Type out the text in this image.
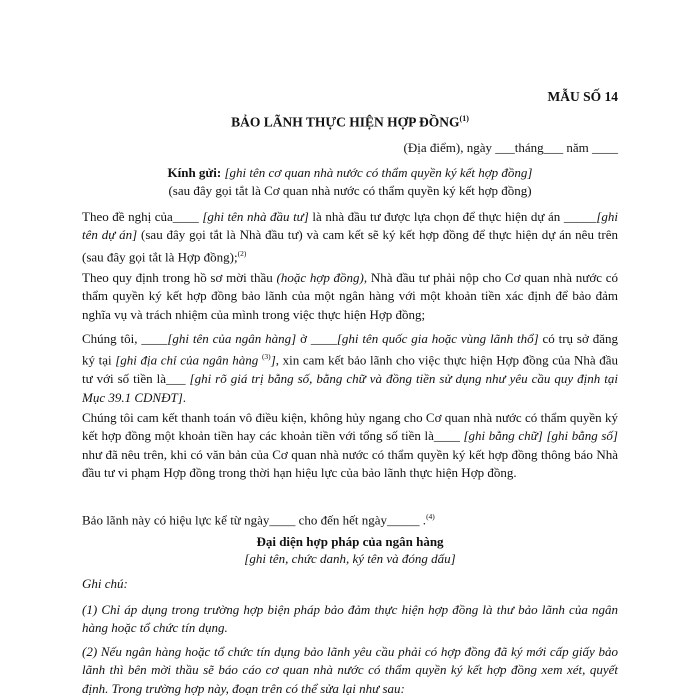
MẪU SỐ 14
BẢO LÃNH THỰC HIỆN HỢP ĐỒNG$^{(1)}$
(Địa điểm), ngày ___tháng___ năm ____
Kính gửi: [ghi tên cơ quan nhà nước có thẩm quyền ký kết hợp đồng]
(sau đây gọi tắt là Cơ quan nhà nước có thẩm quyền ký kết hợp đồng)

Theo đề nghị của____ [ghi tên nhà đầu tư] là nhà đầu tư được lựa chọn để thực hiện dự án _____[ghi tên dự án] (sau đây gọi tắt là Nhà đầu tư) và cam kết sẽ ký kết hợp đồng để thực hiện dự án nêu trên (sau đây gọi tắt là Hợp đồng);$^{(2)}$

Theo quy định trong hồ sơ mời thầu (hoặc hợp đồng), Nhà đầu tư phải nộp cho Cơ quan nhà nước có thẩm quyền ký kết hợp đồng bảo lãnh của một ngân hàng với một khoản tiền xác định để bảo đảm nghĩa vụ và trách nhiệm của mình trong việc thực hiện Hợp đồng;

Chúng tôi, ____[ghi tên của ngân hàng] ở ____[ghi tên quốc gia hoặc vùng lãnh thổ] có trụ sở đăng ký tại [ghi địa chỉ của ngân hàng $^{(3)}$], xin cam kết bảo lãnh cho việc thực hiện Hợp đồng của Nhà đầu tư với số tiền là___ [ghi rõ giá trị bằng số, bằng chữ và đồng tiền sử dụng như yêu cầu quy định tại Mục 39.1 CDNĐT].

Chúng tôi cam kết thanh toán vô điều kiện, không hủy ngang cho Cơ quan nhà nước có thẩm quyền ký kết hợp đồng một khoản tiền hay các khoản tiền với tổng số tiền là____ [ghi bằng chữ] [ghi bằng số] như đã nêu trên, khi có văn bản của Cơ quan nhà nước có thẩm quyền ký kết hợp đồng thông báo Nhà đầu tư vi phạm Hợp đồng trong thời hạn hiệu lực của bảo lãnh thực hiện Hợp đồng.

Bảo lãnh này có hiệu lực kể từ ngày____ cho đến hết ngày_____ .$^{(4)}$

Đại diện hợp pháp của ngân hàng
[ghi tên, chức danh, ký tên và đóng dấu]

Ghi chú:

(1) Chỉ áp dụng trong trường hợp biện pháp bảo đảm thực hiện hợp đồng là thư bảo lãnh của ngân hàng hoặc tổ chức tín dụng.

(2) Nếu ngân hàng hoặc tổ chức tín dụng bảo lãnh yêu cầu phải có hợp đồng đã ký mới cấp giấy bảo lãnh thì bên mời thầu sẽ báo cáo cơ quan nhà nước có thẩm quyền ký kết hợp đồng xem xét, quyết định. Trong trường hợp này, đoạn trên có thể sửa lại như sau:
